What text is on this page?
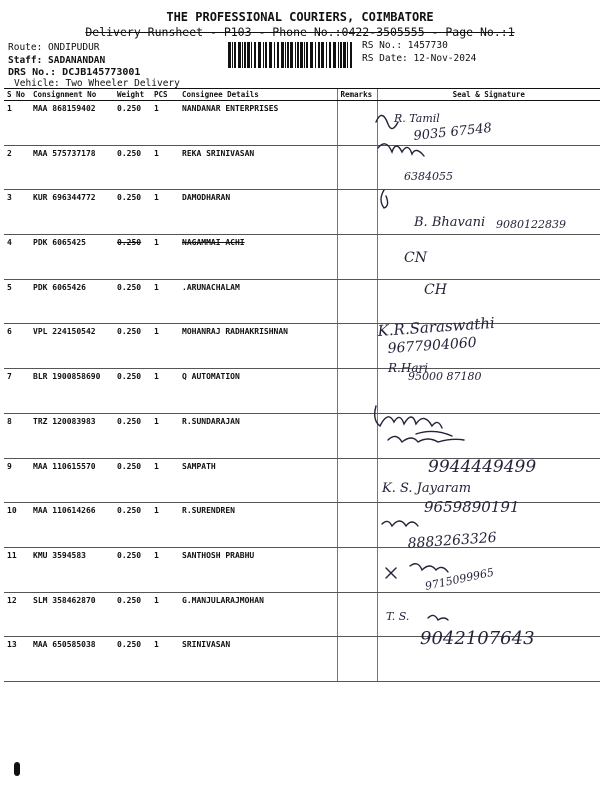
THE PROFESSIONAL COURIERS, COIMBATORE
Delivery Runsheet - P103 - Phone No.:0422-3505555 - Page No.:1
Route: ONDIPUDUR
Staff: SADANANDAN
DRS No.: DCJB145773001
Vehicle: Two Wheeler Delivery
RS No.: 1457730
RS Date: 12-Nov-2024
S No	Consignment No	Weight	PCS	Consignee Details	Remarks	Seal & Signature
1	MAA 868159402	0.250	1	NANDANAR ENTERPRISES		
2	MAA 575737178	0.250	1	REKA SRINIVASAN		
3	KUR 696344772	0.250	1	DAMODHARAN		
4	PDK 6065425	0.250	1	NAGAMMAI ACHI		
5	PDK 6065426	0.250	1	.ARUNACHALAM		
6	VPL 224150542	0.250	1	MOHANRAJ RADHAKRISHNAN		
7	BLR 1900858690	0.250	1	Q AUTOMATION		
8	TRZ 120083983	0.250	1	R.SUNDARAJAN		
9	MAA 110615570	0.250	1	SAMPATH		
10	MAA 110614266	0.250	1	R.SURENDREN		
11	KMU 3594583	0.250	1	SANTHOSH PRABHU		
12	SLM 358462870	0.250	1	G.MANJULARAJMOHAN		
13	MAA 650585038	0.250	1	SRINIVASAN		
R. Tamil
9035 67548
6384055
B. Bhavani 9080122839
CN
CH
K.R.Saraswathi
9677904060
R.Hari
95000 87180
9944449499
K. S. Jayaram
9659890191
8883263326
9715099965
T. S.
9042107643
